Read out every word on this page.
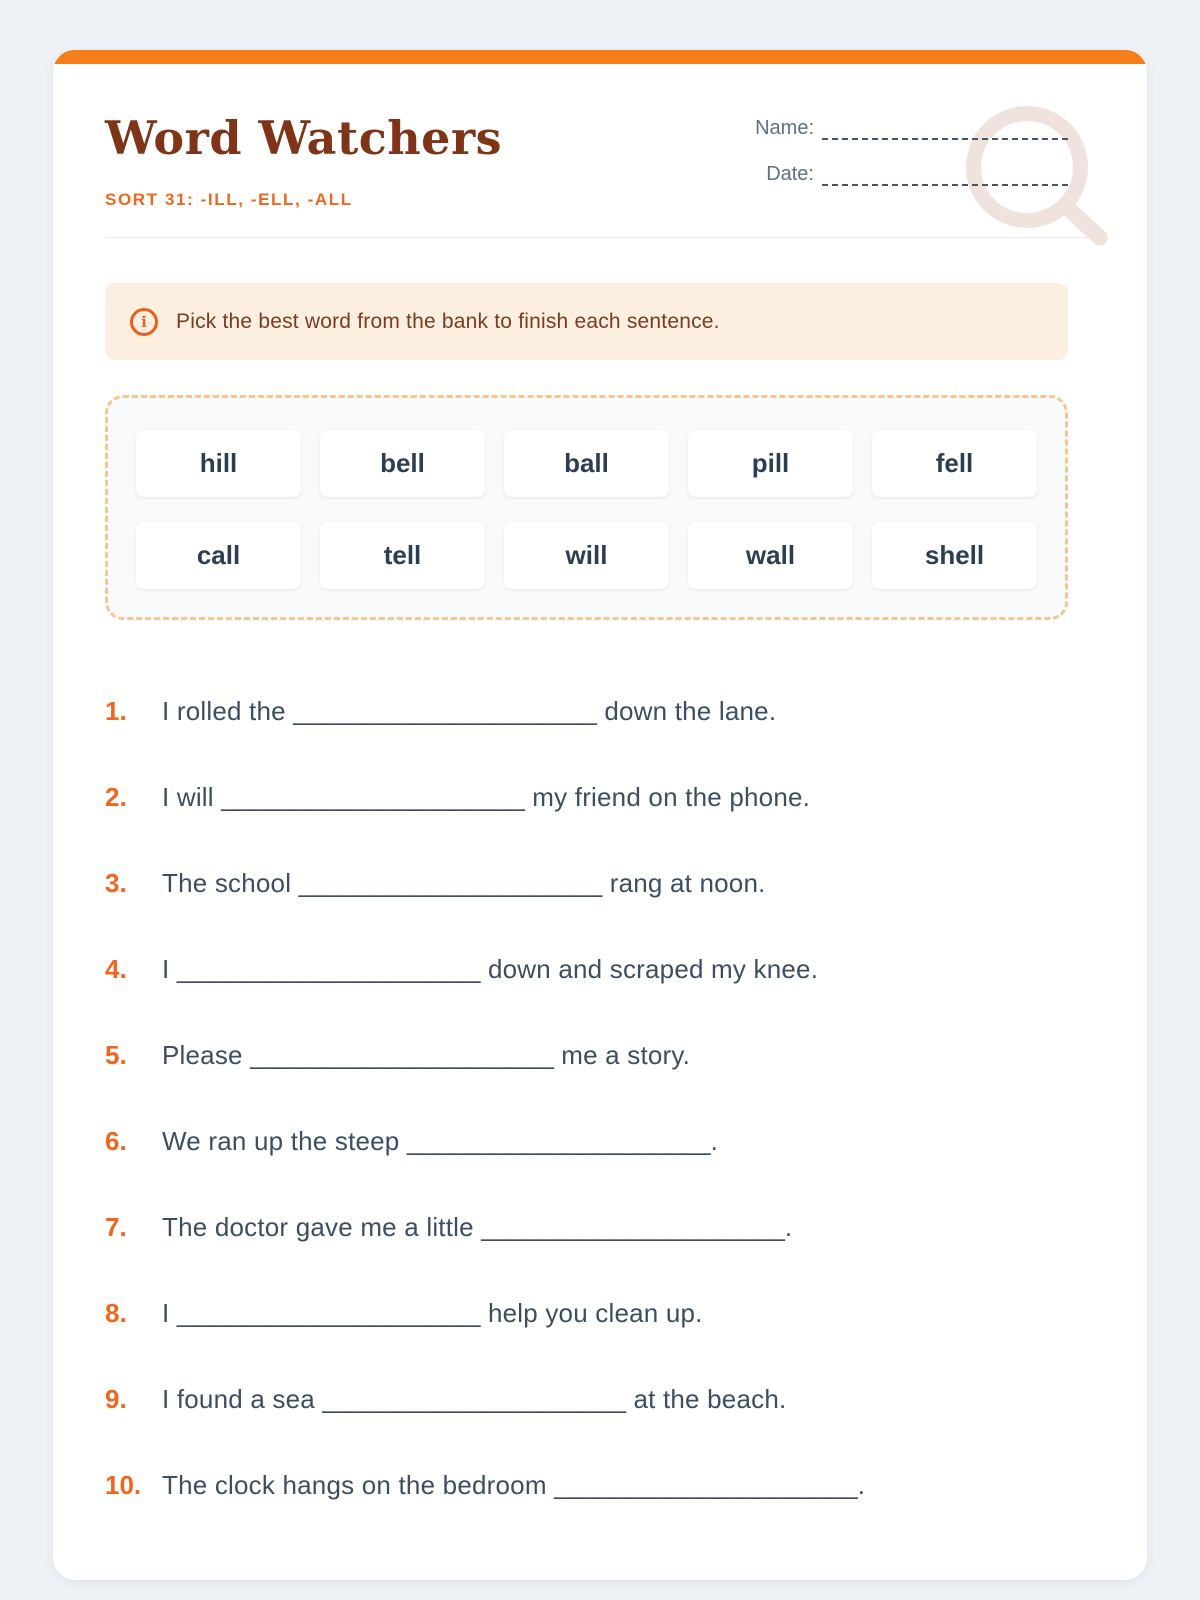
Word Watchers
SORT 31: -ILL, -ELL, -ALL
Name:
Date:
i	Pick the best word from the bank to finish each sentence.
hill	bell	ball	pill	fell
call	tell	will	wall	shell
1.	I rolled the _____________________ down the lane.
2.	I will _____________________ my friend on the phone.
3.	The school _____________________ rang at noon.
4.	I _____________________ down and scraped my knee.
5.	Please _____________________ me a story.
6.	We ran up the steep _____________________.
7.	The doctor gave me a little _____________________.
8.	I _____________________ help you clean up.
9.	I found a sea _____________________ at the beach.
10. The clock hangs on the bedroom _____________________.
